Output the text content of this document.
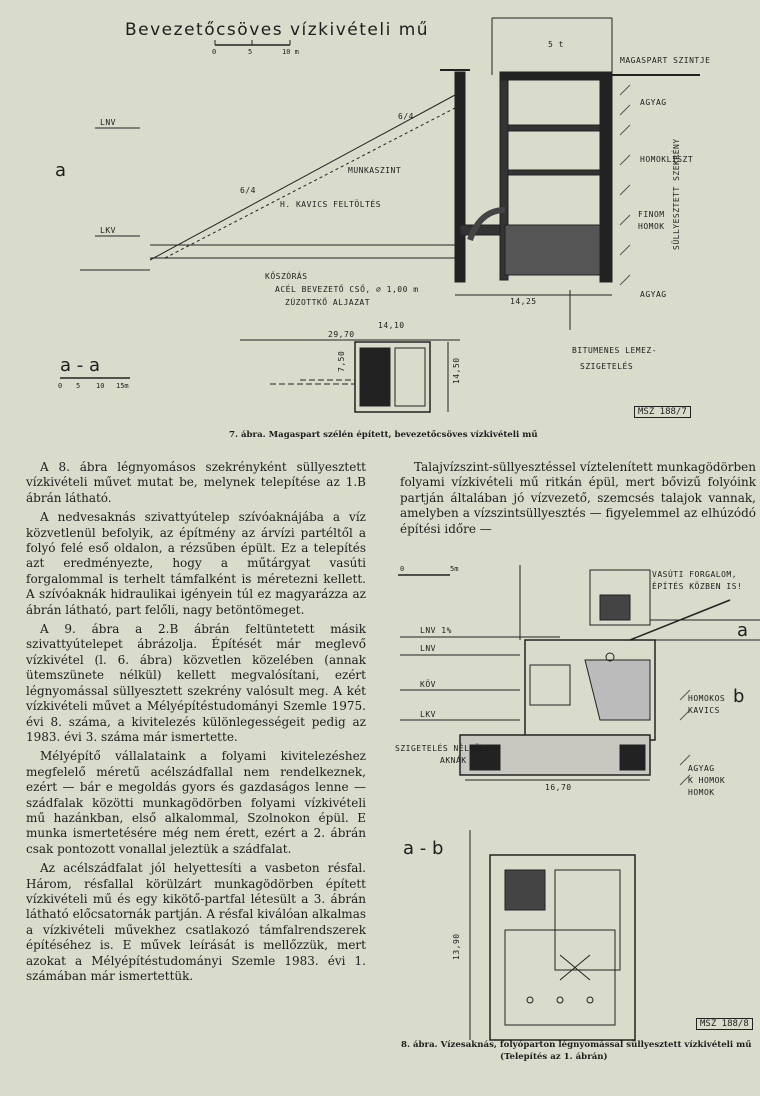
Bevezetőcsöves vízkivételi mű
0	5	10 m
5 t
MAGASPART SZINTJE
LNV
LKV
6/4
6/4
MUNKASZINT
H. KAVICS FELTÖLTÉS
AGYAG
HOMOKLISZT
FINOM
HOMOK
AGYAG
SÜLLYESZTETT SZEKRÉNY
KŐSZÓRÁS
ACÉL BEVEZETŐ CSŐ, ∅ 1,00 m
ZÚZOTTKŐ ALJAZAT	14,25
29,70
14,10
7,50	14,50
BITUMENES LEMEZ-
SZIGETELÉS
a
a - a
0 5 10 15m
MSZ 188/7
7. ábra. Magaspart szélén épített, bevezetőcsöves vízkivételi mű

A 8. ábra légnyomásos szekrényként süllyesztett vízkivételi művet mutat be, melynek telepítése az 1.B ábrán látható.

A nedvesaknás szivattyútelep szívóaknájába a víz közvetlenül befolyik, az építmény az árvízi partéltől a folyó felé eső oldalon, a rézsűben épült. Ez a telepítés azt eredményezte, hogy a műtárgyat vasúti forgalommal is terhelt támfalként is méretezni kellett. A szívóaknák hidraulikai igényein túl ez magyarázza az ábrán látható, part felőli, nagy betöntömeget.

A 9. ábra a 2.B ábrán feltüntetett másik szivattyútelepet ábrázolja. Építését már meglevő vízkivétel (l. 6. ábra) közvetlen közelében (annak ütemszünete nélkül) kellett megvalósítani, ezért légnyomással süllyesztett szekrény valósult meg. A két vízkivételi művet a Mélyépítéstudományi Szemle 1975. évi 8. száma, a kivitelezés különlegességeit pedig az 1983. évi 3. száma már ismertette.

Mélyépítő vállalataink a folyami kivitelezéshez megfelelő méretű acélszádfallal nem rendelkeznek, ezért — bár e megoldás gyors és gazdaságos lenne — szádfalak közötti munkagödörben folyami vízkivételi mű hazánkban, első alkalommal, Szolnokon épül. E munka ismertetésére még nem érett, ezért a 2. ábrán csak pontozott vonallal jeleztük a szádfalat.

Az acélszádfalat jól helyettesíti a vasbeton résfal. Három, résfallal körülzárt munkagödörben épített vízkivételi mű és egy kikötő-partfal létesült a 3. ábrán látható előcsatornák partján. A résfal kiválóan alkalmas a vízkivételi művekhez csatlakozó támfalrendszerek építéséhez is. E művek leírását is mellőzzük, mert azokat a Mélyépítéstudományi Szemle 1983. évi 1. számában már ismertettük.

Talajvízszint-süllyesztéssel víztelenített munkagödörben folyami vízkivételi mű ritkán épül, mert bővizű folyóink partján általában jó vízvezető, szemcsés talajok vannak, amelyben a vízszintsüllyesztés — figyelemmel az elhúzódó építési időre —

0	5m
VASÚTI FORGALOM,
ÉPÍTÉS KÖZBEN IS!
LNV 1%
LNV
KÖV
LKV
HOMOKOS
KAVICS
SZIGETELÉS NÉLKÜLI
AKNÁK
AGYAG
K HOMOK
HOMOK
16,70
13,90
a
b
a - b
MSZ 188/8
8. ábra. Vízesaknás, folyóparton légnyomással süllyesztett vízkivételi mű
(Telepítés az 1. ábrán)
